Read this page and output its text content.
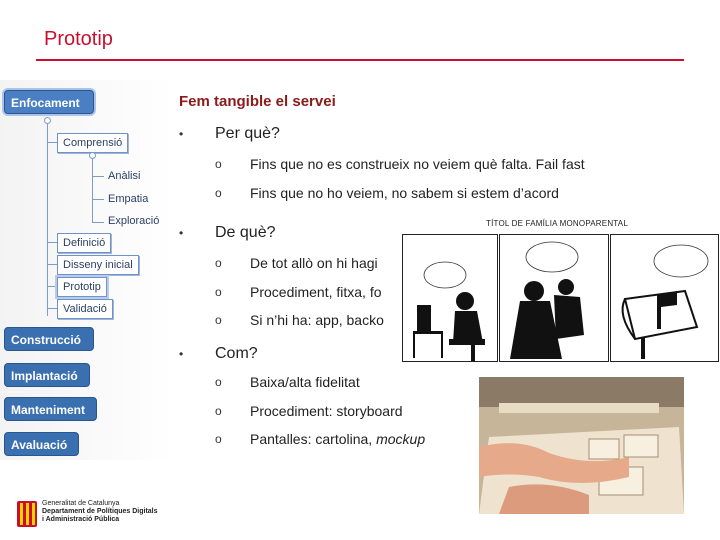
Prototip
Enfocament
Comprensió
Anàlisi
Empatia
Exploració
Definició
Disseny inicial
Prototip
Validació
Construcció
Implantació
Manteniment
Avaluació
Generalitat de Catalunya
Departament de Polítiques Digitals
i Administració Pública
Fem tangible el servei
• Per què?
o Fins que no es construeix no veiem què falta. Fail fast
o Fins que no ho veiem, no sabem si estem d’acord
• De què?
o De tot allò on hi hagi
o Procediment, fitxa, fo
o Si n’hi ha: app, backo
• Com?
o Baixa/alta fidelitat
o Procediment: storyboard
o Pantalles: cartolina, mockup
TÍTOL DE FAMÍLIA MONOPARENTAL
